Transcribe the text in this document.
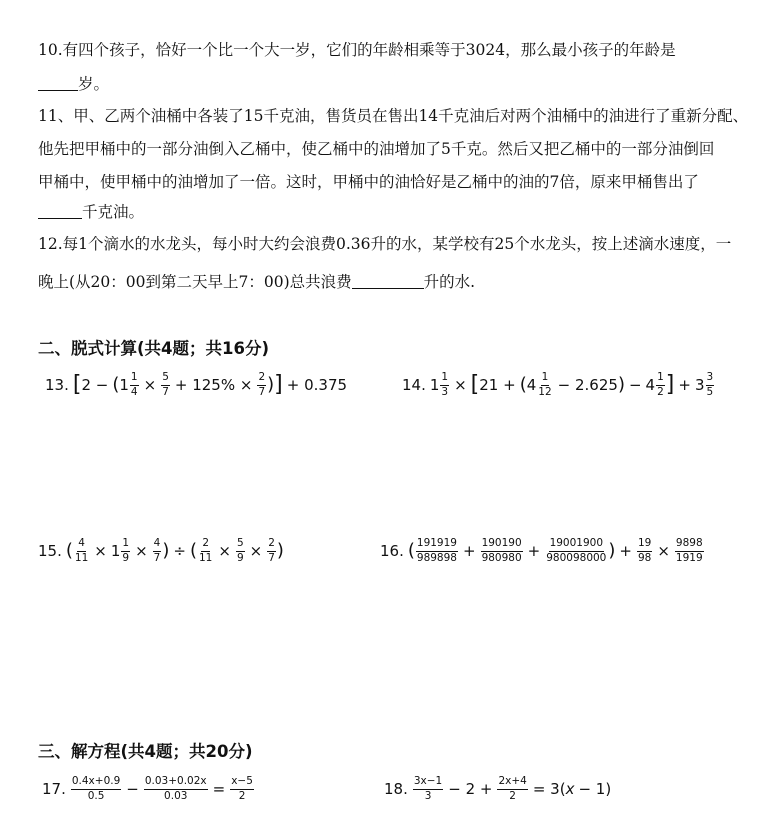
10.有四个孩子，恰好一个比一个大一岁，它们的年龄相乘等于3024，那么最小孩子的年龄是
岁。
11、甲、乙两个油桶中各装了15千克油，售货员在售出14千克油后对两个油桶中的油进行了重新分配、
他先把甲桶中的一部分油倒入乙桶中，使乙桶中的油增加了5千克。然后又把乙桶中的一部分油倒回
甲桶中，使甲桶中的油增加了一倍。这时，甲桶中的油恰好是乙桶中的油的7倍，原来甲桶售出了
千克油。
12.每1个滴水的水龙头，每小时大约会浪费0.36升的水，某学校有25个水龙头，按上述滴水速度，一
晚上(从20：00到第二天早上7：00)总共浪费	升的水.
二、脱式计算(共4题；共16分)
13. [ 2 − ( $1 \frac{1}{4} \times \frac{5}{7} + 125\% \times \frac{2}{7}$ ) ] + 0.375	14. $1 \frac{1}{3}$ × [ 21 + ( $4 \frac{1}{12} - 2.625$ ) − $4 \frac{1}{2}$ ] + $3 \frac{3}{5}$
15. ( $\frac{4}{11} \times 1 \frac{1}{9} \times \frac{4}{7}$ ) ÷ ( $\frac{2}{11} \times \frac{5}{9} \times \frac{2}{7}$ )	16. ( $\frac{191919}{989898} + \frac{190190}{980980} + \frac{19001900}{980098000}$ ) + $\frac{19}{98} \times \frac{9898}{1919}$
三、解方程(共4题；共20分)
17. $\frac{0.4x+0.9}{0.5} - \frac{0.03+0.02x}{0.03} = \frac{x-5}{2}$	18. $\frac{3x-1}{3} - 2 + \frac{2x+4}{2} = 3$( x − 1)
